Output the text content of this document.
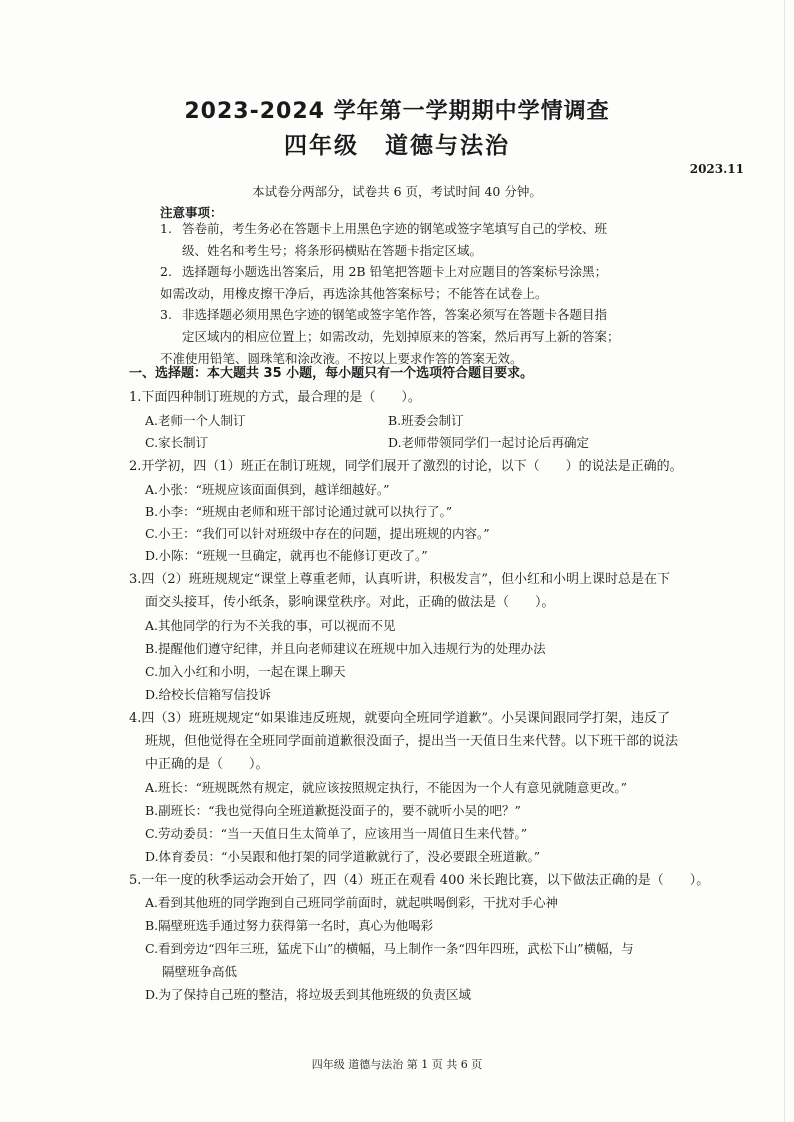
2023-2024 学年第一学期期中学情调查
四年级 道德与法治
2023.11
本试卷分两部分，试卷共 6 页，考试时间 40 分钟。
注意事项：
1. 答卷前，考生务必在答题卡上用黑色字迹的钢笔或签字笔填写自己的学校、班
级、姓名和考生号；将条形码横贴在答题卡指定区域。
2. 选择题每小题选出答案后，用 2B 铅笔把答题卡上对应题目的答案标号涂黑；
如需改动，用橡皮擦干净后，再选涂其他答案标号；不能答在试卷上。
3. 非选择题必须用黑色字迹的钢笔或签字笔作答，答案必须写在答题卡各题目指
定区域内的相应位置上；如需改动，先划掉原来的答案，然后再写上新的答案；
不准使用铅笔、圆珠笔和涂改液。不按以上要求作答的答案无效。
一、选择题：本大题共 35 小题，每小题只有一个选项符合题目要求。
1.下面四种制订班规的方式，最合理的是（　　）。
A.老师一个人制订	B.班委会制订
C.家长制订	D.老师带领同学们一起讨论后再确定
2.开学初，四（1）班正在制订班规，同学们展开了激烈的讨论，以下（　　）的说法是正确的。
A.小张：“班规应该面面俱到，越详细越好。”
B.小李：“班规由老师和班干部讨论通过就可以执行了。”
C.小王：“我们可以针对班级中存在的问题，提出班规的内容。”
D.小陈：“班规一旦确定，就再也不能修订更改了。”
3.四（2）班班规规定“课堂上尊重老师，认真听讲，积极发言”，但小红和小明上课时总是在下
面交头接耳，传小纸条，影响课堂秩序。对此，正确的做法是（　　）。
A.其他同学的行为不关我的事，可以视而不见
B.提醒他们遵守纪律，并且向老师建议在班规中加入违规行为的处理办法
C.加入小红和小明，一起在课上聊天
D.给校长信箱写信投诉
4.四（3）班班规规定“如果谁违反班规，就要向全班同学道歉”。小吴课间跟同学打架，违反了
班规，但他觉得在全班同学面前道歉很没面子，提出当一天值日生来代替。以下班干部的说法
中正确的是（　　）。
A.班长：“班规既然有规定，就应该按照规定执行，不能因为一个人有意见就随意更改。”
B.副班长：“我也觉得向全班道歉挺没面子的，要不就听小吴的吧？”
C.劳动委员：“当一天值日生太简单了，应该用当一周值日生来代替。”
D.体育委员：“小吴跟和他打架的同学道歉就行了，没必要跟全班道歉。”
5.一年一度的秋季运动会开始了，四（4）班正在观看 400 米长跑比赛，以下做法正确的是（　　）。
A.看到其他班的同学跑到自己班同学前面时，就起哄喝倒彩，干扰对手心神
B.隔壁班选手通过努力获得第一名时，真心为他喝彩
C.看到旁边“四年三班，猛虎下山”的横幅，马上制作一条“四年四班，武松下山”横幅，与
隔壁班争高低
D.为了保持自己班的整洁，将垃圾丢到其他班级的负责区域
四年级 道德与法治 第 1 页 共 6 页
